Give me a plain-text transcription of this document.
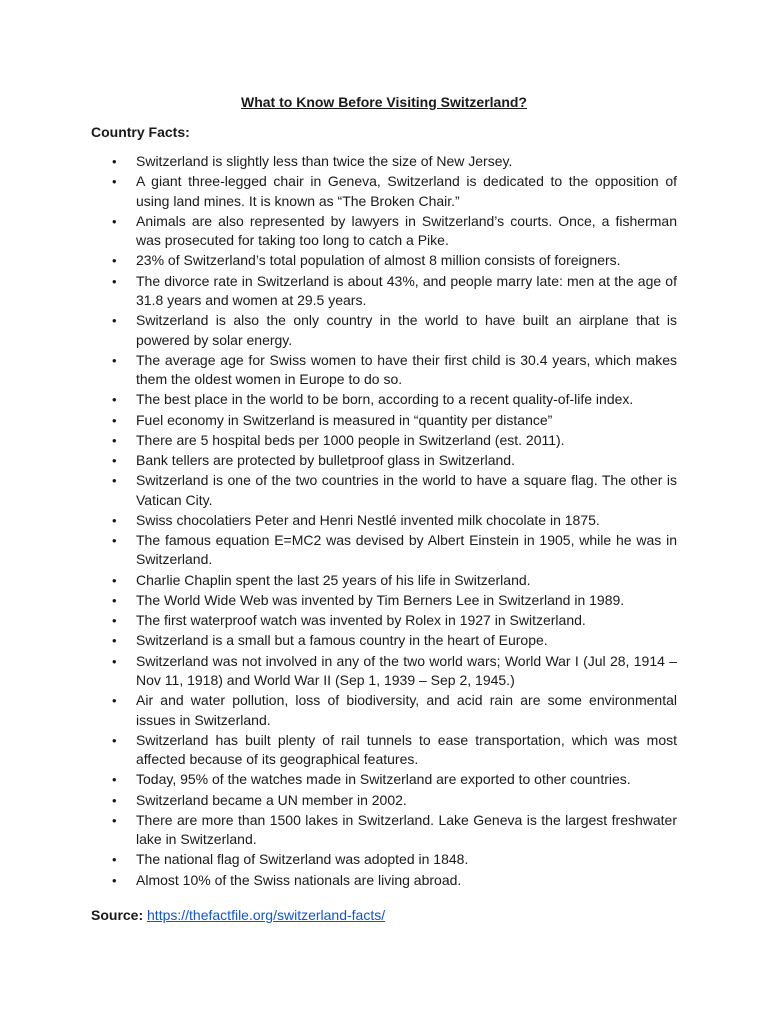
What to Know Before Visiting Switzerland?
Country Facts:
• Switzerland is slightly less than twice the size of New Jersey.
• A giant three-legged chair in Geneva, Switzerland is dedicated to the opposition of using land mines. It is known as “The Broken Chair.”
• Animals are also represented by lawyers in Switzerland’s courts. Once, a fisherman was prosecuted for taking too long to catch a Pike.
• 23% of Switzerland’s total population of almost 8 million consists of foreigners.
• The divorce rate in Switzerland is about 43%, and people marry late: men at the age of 31.8 years and women at 29.5 years.
• Switzerland is also the only country in the world to have built an airplane that is powered by solar energy.
• The average age for Swiss women to have their first child is 30.4 years, which makes them the oldest women in Europe to do so.
• The best place in the world to be born, according to a recent quality-of-life index.
• Fuel economy in Switzerland is measured in “quantity per distance”
• There are 5 hospital beds per 1000 people in Switzerland (est. 2011).
• Bank tellers are protected by bulletproof glass in Switzerland.
• Switzerland is one of the two countries in the world to have a square flag. The other is Vatican City.
• Swiss chocolatiers Peter and Henri Nestlé invented milk chocolate in 1875.
• The famous equation E=MC2 was devised by Albert Einstein in 1905, while he was in Switzerland.
• Charlie Chaplin spent the last 25 years of his life in Switzerland.
• The World Wide Web was invented by Tim Berners Lee in Switzerland in 1989.
• The first waterproof watch was invented by Rolex in 1927 in Switzerland.
• Switzerland is a small but a famous country in the heart of Europe.
• Switzerland was not involved in any of the two world wars; World War I (Jul 28, 1914 – Nov 11, 1918) and World War II (Sep 1, 1939 – Sep 2, 1945.)
• Air and water pollution, loss of biodiversity, and acid rain are some environmental issues in Switzerland.
• Switzerland has built plenty of rail tunnels to ease transportation, which was most affected because of its geographical features.
• Today, 95% of the watches made in Switzerland are exported to other countries.
• Switzerland became a UN member in 2002.
• There are more than 1500 lakes in Switzerland. Lake Geneva is the largest freshwater lake in Switzerland.
• The national flag of Switzerland was adopted in 1848.
• Almost 10% of the Swiss nationals are living abroad.

Source: https://thefactfile.org/switzerland-facts/
